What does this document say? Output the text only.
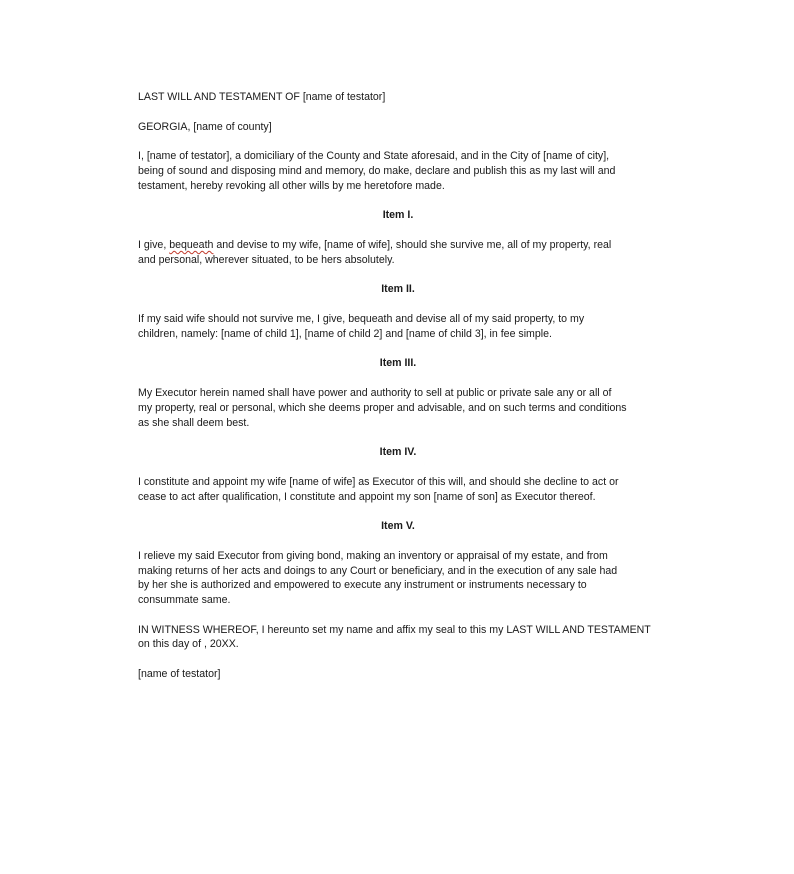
LAST WILL AND TESTAMENT OF [name of testator]

GEORGIA, [name of county]

I, [name of testator], a domiciliary of the County and State aforesaid, and in the City of [name of city],
being of sound and disposing mind and memory, do make, declare and publish this as my last will and
testament, hereby revoking all other wills by me heretofore made.

Item I.

I give, bequeath and devise to my wife, [name of wife], should she survive me, all of my property, real
and personal, wherever situated, to be hers absolutely.

Item II.

If my said wife should not survive me, I give, bequeath and devise all of my said property, to my
children, namely: [name of child 1], [name of child 2] and [name of child 3], in fee simple.

Item III.

My Executor herein named shall have power and authority to sell at public or private sale any or all of
my property, real or personal, which she deems proper and advisable, and on such terms and conditions
as she shall deem best.

Item IV.

I constitute and appoint my wife [name of wife] as Executor of this will, and should she decline to act or
cease to act after qualification, I constitute and appoint my son [name of son] as Executor thereof.

Item V.

I relieve my said Executor from giving bond, making an inventory or appraisal of my estate, and from
making returns of her acts and doings to any Court or beneficiary, and in the execution of any sale had
by her she is authorized and empowered to execute any instrument or instruments necessary to
consummate same.

IN WITNESS WHEREOF, I hereunto set my name and affix my seal to this my LAST WILL AND TESTAMENT
on this day of , 20XX.

[name of testator]
